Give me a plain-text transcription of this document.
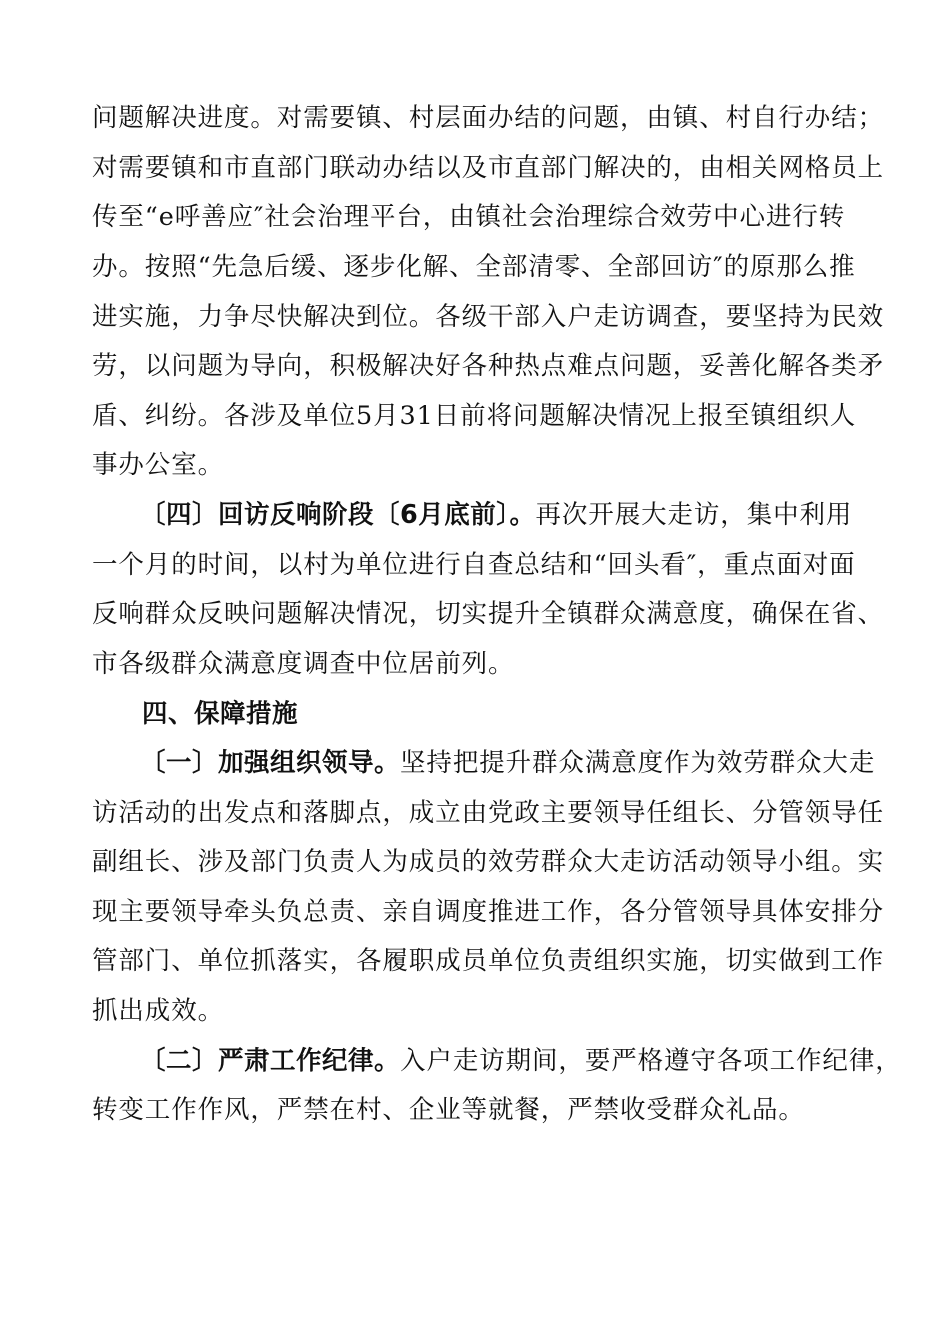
问题解决进度。对需要镇、村层面办结的问题，由镇、村自行办结；
对需要镇和市直部门联动办结以及市直部门解决的，由相关网格员上
传至“e呼善应″社会治理平台，由镇社会治理综合效劳中心进行转
办。按照“先急后缓、逐步化解、全部清零、全部回访″的原那么推
进实施，力争尽快解决到位。各级干部入户走访调查，要坚持为民效
劳，以问题为导向，积极解决好各种热点难点问题，妥善化解各类矛
盾、纠纷。各涉及单位5月31日前将问题解决情况上报至镇组织人
事办公室。
〔四〕回访反响阶段〔6月底前〕。再次开展大走访，集中利用
一个月的时间，以村为单位进行自查总结和“回头看″，重点面对面
反响群众反映问题解决情况，切实提升全镇群众满意度，确保在省、
市各级群众满意度调查中位居前列。
四、保障措施
〔一〕加强组织领导。坚持把提升群众满意度作为效劳群众大走
访活动的出发点和落脚点，成立由党政主要领导任组长、分管领导任
副组长、涉及部门负责人为成员的效劳群众大走访活动领导小组。实
现主要领导牵头负总责、亲自调度推进工作，各分管领导具体安排分
管部门、单位抓落实，各履职成员单位负责组织实施，切实做到工作
抓出成效。
〔二〕严肃工作纪律。入户走访期间，要严格遵守各项工作纪律，
转变工作作风，严禁在村、企业等就餐，严禁收受群众礼品。
